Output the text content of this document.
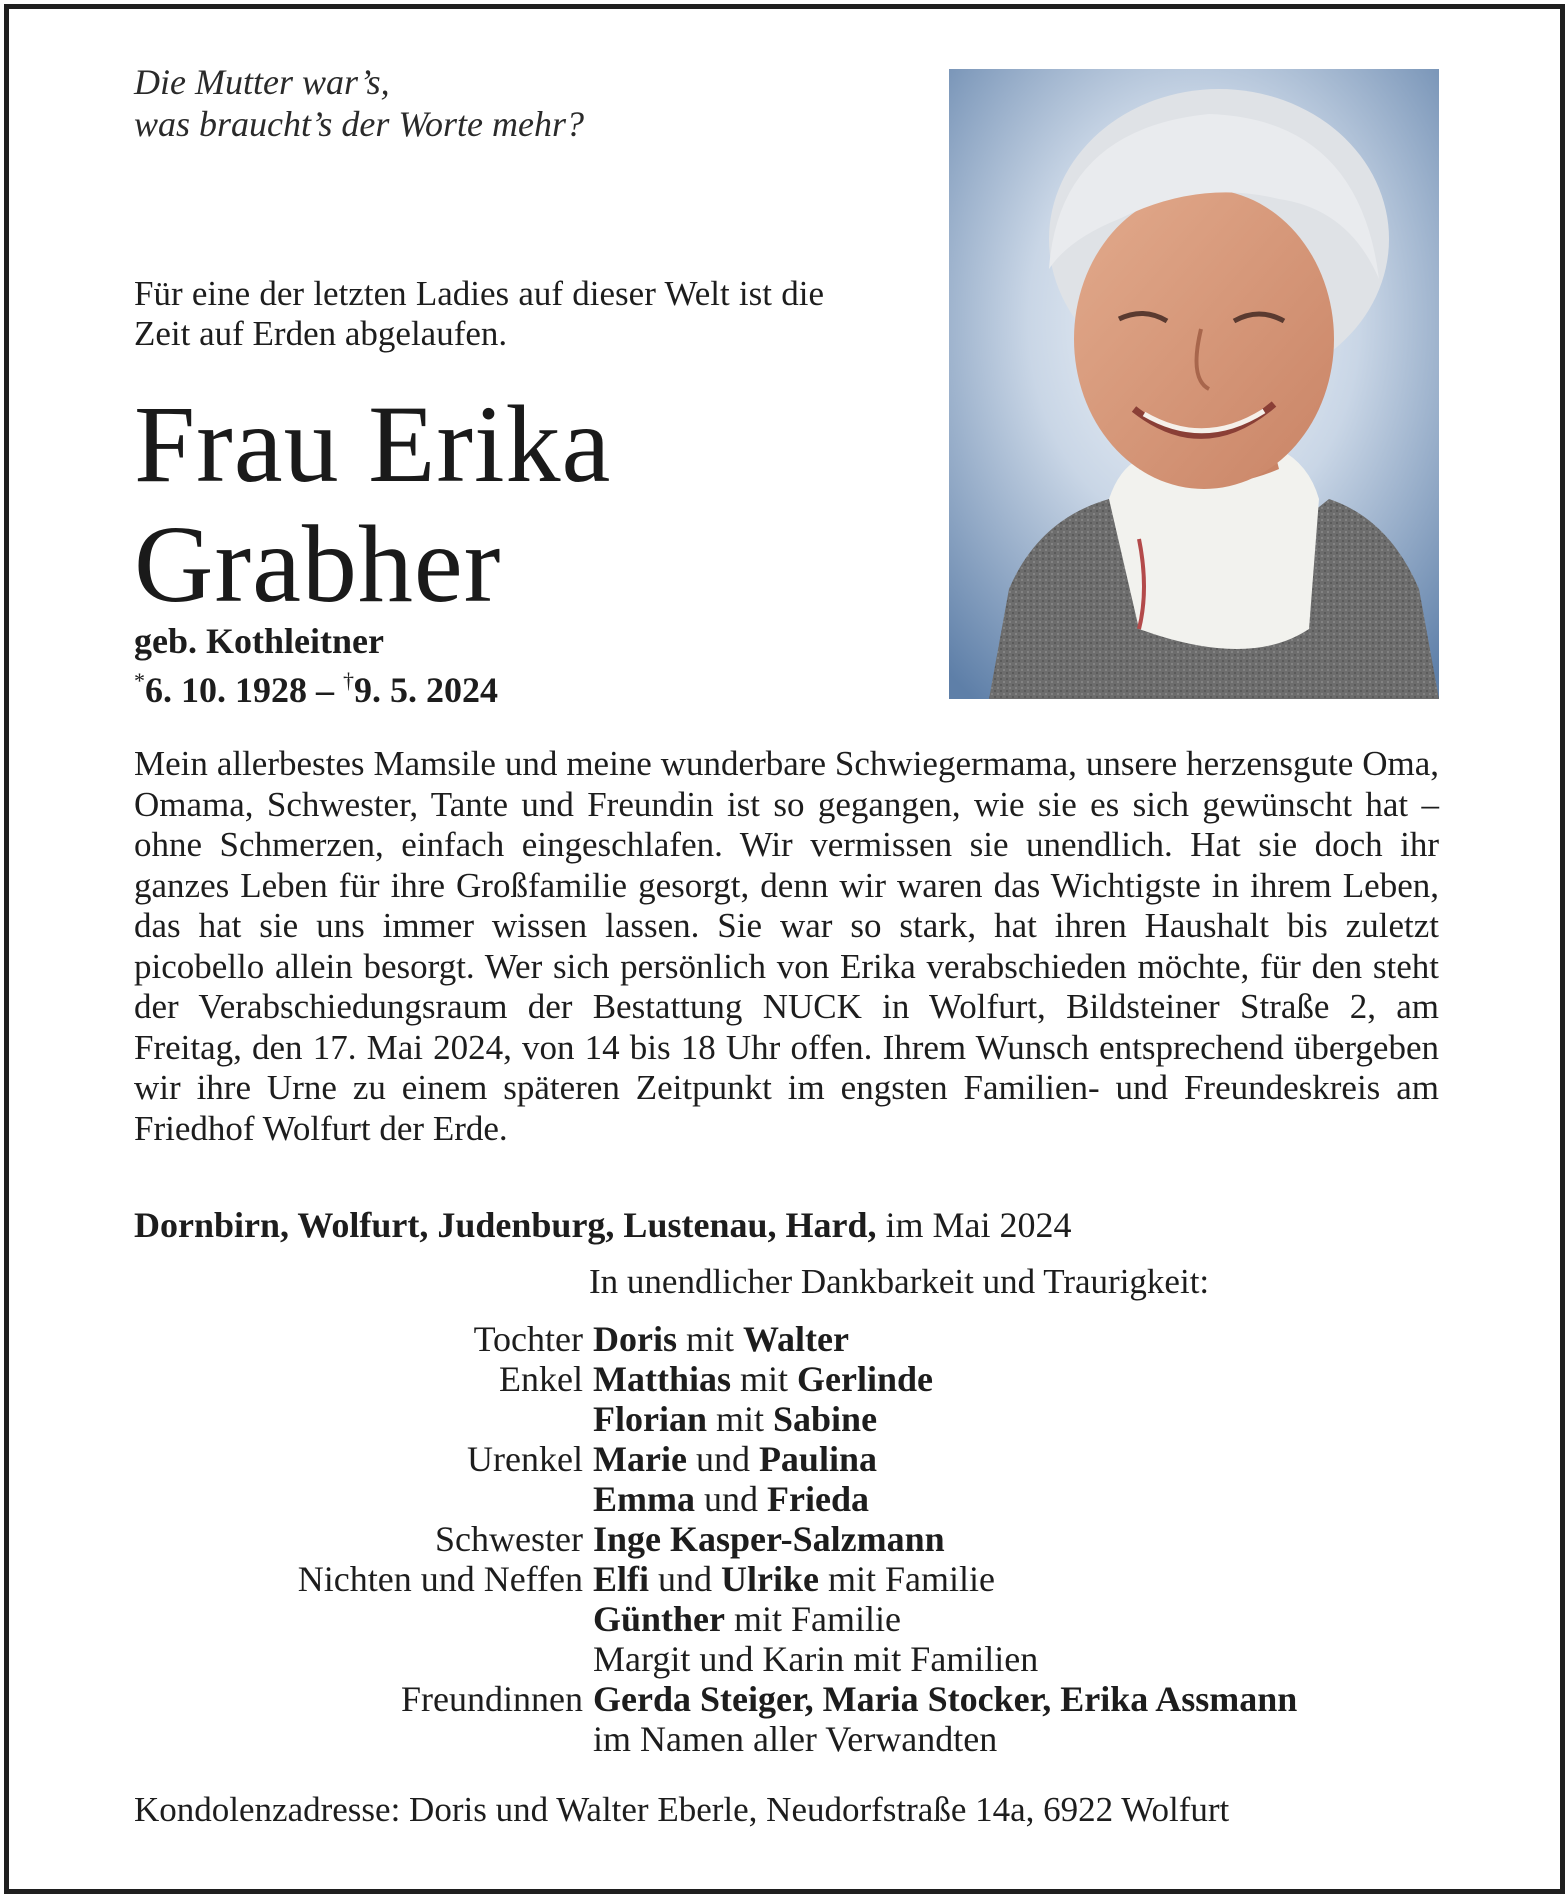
Die Mutter war’s,
was braucht’s der Worte mehr?
Für eine der letzten Ladies auf dieser Welt ist die Zeit auf Erden abgelaufen.
Frau Erika
Grabher
geb. Kothleitner
*6. 10. 1928 – †9. 5. 2024
Mein allerbestes Mamsile und meine wunderbare Schwiegermama, unsere herzensgute Oma, Omama, Schwester, Tante und Freundin ist so gegangen, wie sie es sich gewünscht hat – ohne Schmerzen, einfach eingeschlafen. Wir vermissen sie unendlich. Hat sie doch ihr ganzes Leben für ihre Großfamilie gesorgt, denn wir waren das Wichtigste in ihrem Leben, das hat sie uns immer wissen lassen. Sie war so stark, hat ihren Haushalt bis zuletzt picobello allein besorgt. Wer sich persönlich von Erika verabschieden möchte, für den steht der Verabschiedungsraum der Bestattung NUCK in Wolfurt, Bildsteiner Straße 2, am Freitag, den 17. Mai 2024, von 14 bis 18 Uhr offen. Ihrem Wunsch entsprechend übergeben wir ihre Urne zu einem späteren Zeitpunkt im engsten Familien- und Freundeskreis am Friedhof Wolfurt der Erde.
Dornbirn, Wolfurt, Judenburg, Lustenau, Hard, im Mai 2024
In unendlicher Dankbarkeit und Traurigkeit:
Tochter Doris mit Walter
Enkel Matthias mit Gerlinde
Florian mit Sabine
Urenkel Marie und Paulina
Emma und Frieda
Schwester Inge Kasper-Salzmann
Nichten und Neffen Elfi und Ulrike mit Familie
Günther mit Familie
Margit und Karin mit Familien
Freundinnen Gerda Steiger, Maria Stocker, Erika Assmann
im Namen aller Verwandten
Kondolenzadresse: Doris und Walter Eberle, Neudorfstraße 14a, 6922 Wolfurt
